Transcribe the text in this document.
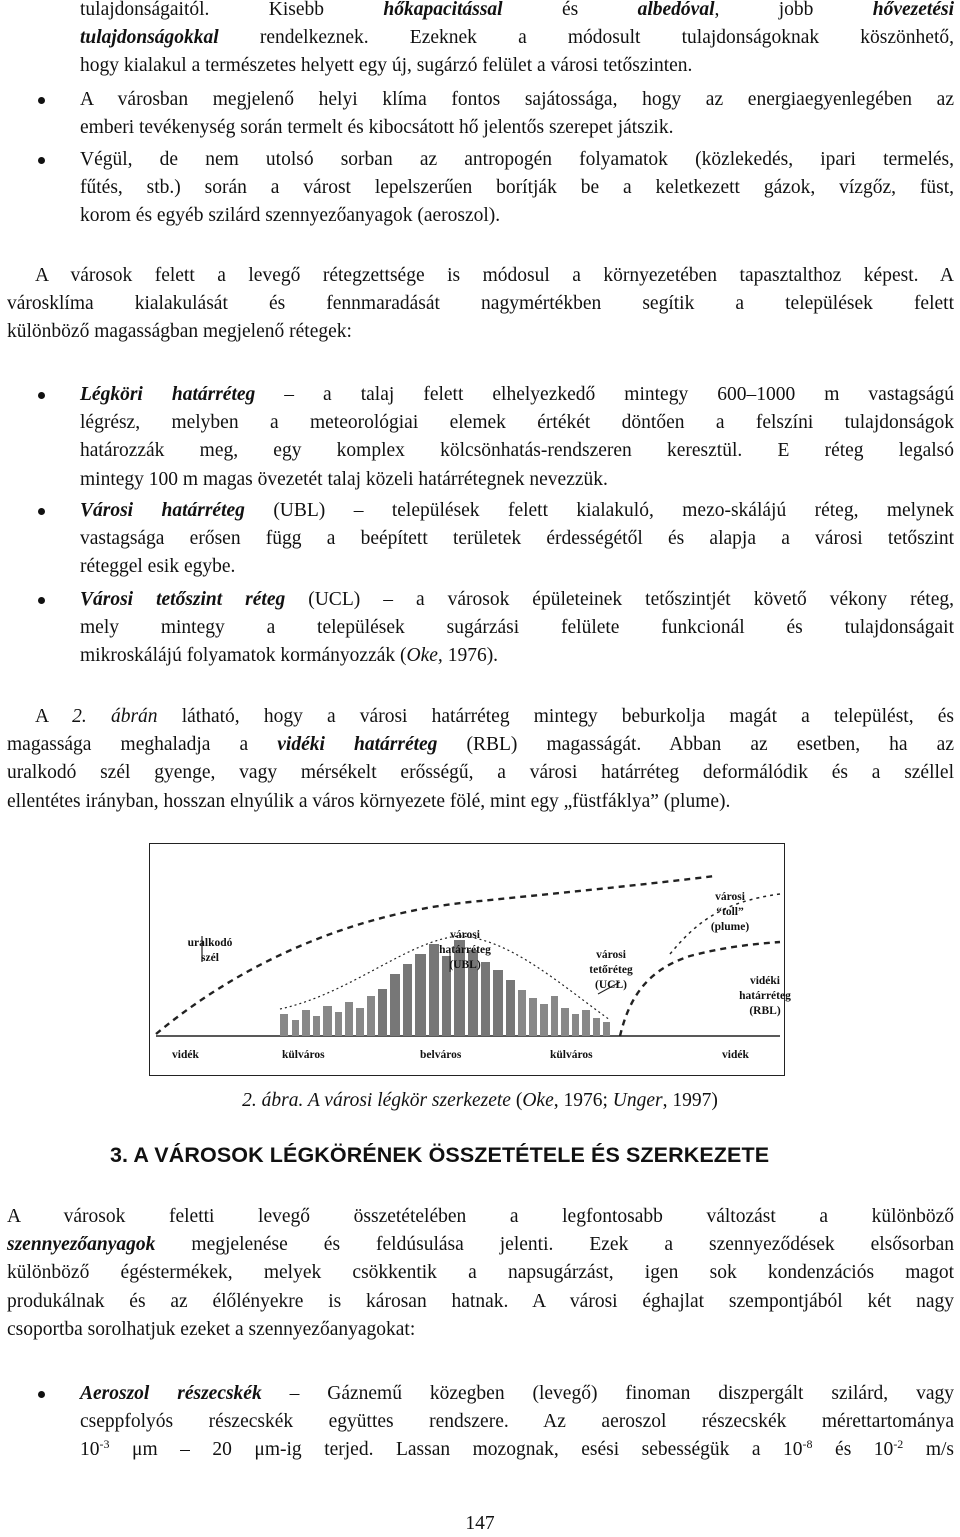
tulajdonságaitól. Kisebb hőkapacitással és albedóval, jobb hővezetési

tulajdonságokkal rendelkeznek. Ezeknek a módosult tulajdonságoknak köszönhető,

hogy kialakul a természetes helyett egy új, sugárzó felület a városi tetőszinten.

A városban megjelenő helyi klíma fontos sajátossága, hogy az energiaegyenlegében az

emberi tevékenység során termelt és kibocsátott hő jelentős szerepet játszik.

Végül, de nem utolsó sorban az antropogén folyamatok (közlekedés, ipari termelés,

fűtés, stb.) során a várost lepelszerűen borítják be a keletkezett gázok, vízgőz, füst,

korom és egyéb szilárd szennyezőanyagok (aeroszol).

A városok felett a levegő rétegzettsége is módosul a környezetében tapasztalthoz képest. A

városklíma kialakulását és fennmaradását nagymértékben segítik a települések felett

különböző magasságban megjelenő rétegek:

Légköri határréteg – a talaj felett elhelyezkedő mintegy 600–1000 m vastagságú

légrész, melyben a meteorológiai elemek értékét döntően a felszíni tulajdonságok

határozzák meg, egy komplex kölcsönhatás-rendszeren keresztül. E réteg legalsó

mintegy 100 m magas övezetét talaj közeli határrétegnek nevezzük.

Városi határréteg (UBL) – települések felett kialakuló, mezo-skálájú réteg, melynek

vastagsága erősen függ a beépített területek érdességétől és alapja a városi tetőszint

réteggel esik egybe.

Városi tetőszint réteg (UCL) – a városok épületeinek tetőszintjét követő vékony réteg,

mely mintegy a települések sugárzási felülete funkcionál és tulajdonságait

mikroskálájú folyamatok kormányozzák (Oke, 1976).

A 2. ábrán látható, hogy a városi határréteg mintegy beburkolja magát a települést, és

magassága meghaladja a vidéki határréteg (RBL) magasságát. Abban az esetben, ha az

uralkodó szél gyenge, vagy mérsékelt erősségű, a városi határréteg deformálódik és a széllel

ellentétes irányban, hosszan elnyúlik a város környezete fölé, mint egy „füstfáklya” (plume).

uralkodó
szél
városi
határréteg
(UBL)
városi
tetőréteg
(UCL)
városi
“toll”
(plume)
vidéki
határréteg
(RBL)
vidék	külváros	belváros	külváros	vidék
2. ábra. A városi légkör szerkezete (Oke, 1976; Unger, 1997)
3. A VÁROSOK LÉGKÖRÉNEK ÖSSZETÉTELE ÉS SZERKEZETE

A városok feletti levegő összetételében a legfontosabb változást a különböző

szennyezőanyagok megjelenése és feldúsulása jelenti. Ezek a szennyeződések elsősorban

különböző égéstermékek, melyek csökkentik a napsugárzást, igen sok kondenzációs magot

produkálnak és az élőlényekre is károsan hatnak. A városi éghajlat szempontjából két nagy

csoportba sorolhatjuk ezeket a szennyezőanyagokat:

Aeroszol részecskék – Gáznemű közegben (levegő) finoman diszpergált szilárd, vagy

cseppfolyós részecskék együttes rendszere. Az aeroszol részecskék mérettartománya

$10^{-3}$ μm – 20 μm-ig terjed. Lassan mozognak, esési sebességük a $10^{-8}$ és $10^{-2}$ m/s

147
